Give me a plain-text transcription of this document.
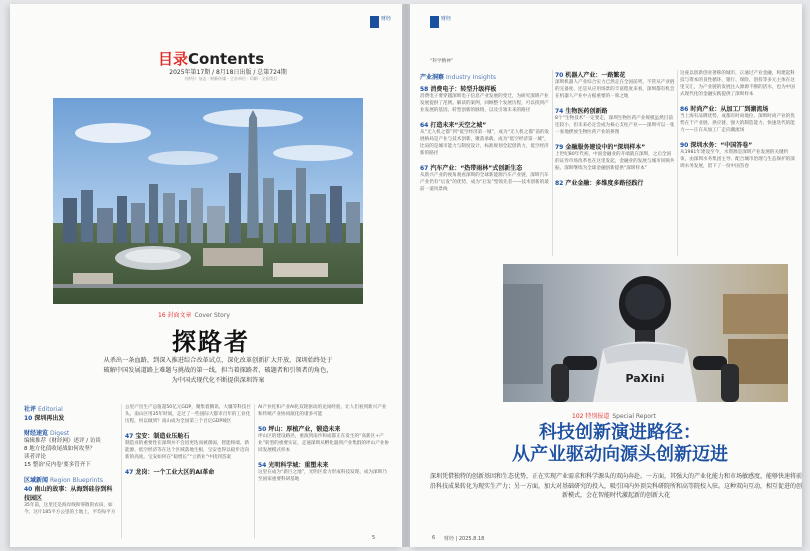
财经
目录Contents
2025年第17期 / 8月18日出版 / 总第724期
《财经》杂志 · 财新传媒 · 主办单位 · 印刷 · 全国发行
16 封面文章 Cover Story
探路者
从杀出一条血路，到深入推进综合改革试点，深化改革创新扩大开放，深圳始终处于破解中国发展道路上难题与挑战的第一线，担当着探路者、破题者和引领者的角色，为中国式现代化不断提供深圳答案
社评 Editorial
10 深圳再出发
财经速览 Digest
编辑推荐《财经网》述评 / 访谈
8 地方化债收尾战如何攻坚？
读者评论
15 整治'反内卷'要多管齐下
区域新闻 Region Blueprints
40 南山的故事：从海到硅谷到科技园区
35年前，这里还是海岸线和零散的农田，如今，这片185平方公里的土地上，平均每平方
公里产出生产总值超50亿元GDP，聚集着腾讯、大疆等科技巨头，南山区用35年时间，走过了一些国际大都市百年的工业化历程，何以做到？南山成为全国第三个百亿GDP城区
47 宝安：制造业压舱石
制造业的重要性在深圳并不会因更迭而被削弱，智能终端、新能源、低空经济等在这个区域落地生根，宝安也得以稳步迈向新的高度。宝安如何在“稳增长”“立新业”中找到答案
47 龙岗：一个工业大区的AI革命
AI产业化和产业AI化双轮驱动的龙岗经验，让人们看到新兴产业和传统产业协同演化的诸多可能
50 坪山：厚植产业，锻造未来
坪山区的建设路径，重演到南沙和成都正在发生的“高新区+产业”转型的重要实证，走通深圳从孵化器到产业集群的坪山产业协同发展模式样本
54 光明科学城：重塑未来
这里在成为“新巨之地”，光明区着力形成科技发现、成为深圳乃至国家重要科研基地
5
财经
“科学精神”
产业洞察 Industry Insights
58 消费电子：转型升级样板
消费电子要穿越深圳电子信息产业发展的变迁，为研究深圳产业发展提供了范例。解读的案例，回顾整个发展历程，可以找到产业发展的基因、转型创新的脉络，以及引领未来的路径
64 打造未来“天空之城”
从“无人机之都”到“低空经济第一城”，成为“无人机之都”前的发展格局是产业与技术创新、聚落承载，成为“低空经济第一城”，比肩的是城市能力与制度设计，标准规划全起创新力，低空经济新的路径
67 汽车产业：“热带雨林”式创新生态
从新兴产业的视角观看深圳的全球新能源汽车产业链，深圳汽车产业仍有“后发”的优势，成为“后发”型领先者——技术创新的最前一道风景线
70 机器人产业：一路繁花
深圳机器人产业综合实力已然走在全国前列，不管从产业链的完备度、还是从应用场景的丰富程度来看，深圳都有机会在机器人产业中占据重要的一席之地
74 生物医药创新路
8个“生物技术”一定要走，深圳生物医药产业规模虽然目前还较小，但未来必定会成为核心支柱产业——深圳可以一张一张地摆放生物医药产业的拼图
79 金融服务建设中的“深圳样本”
上世纪80年代初，中国金融业的开端就在深圳，之后全国的证券市场改革也在这里发起，金融业的发展与城市同频共振、深圳继续为全球金融创新提供“深圳样本”
82 产业金融：多维度多路径践行
这座以创新创业著称的城市，正通过产业金融，构建起科技与资本的良性循环，银行、保险、创投等多元主体在这里交汇，为产业链的发展注入源源不断的活水，也为中国式现代化的金融实践提供了深圳样本
86 时尚产业：从加工厂到潮流场
当上海有品牌优势、成都有时尚地位、深圳时尚产业的优势在于产业链、供应链、强大的制造能力、快速迭代的能力——正在从加工厂走向潮流场
90 深圳水务：“中国答卷”
从1981年建设至今，水资源是深圳产业发展的关键约束，由深圳水务集团主导、配合城市治理与生态保护的深圳水务发展，留下了一份中国答卷
PaXini
102 特别报道 Special Report
科技创新演进路径：
从产业驱动向源头创新迈进
深圳凭借独特的创新基因和生态优势，正在实现产业需求和科学源头的双向奔赴。一方面，其强大的产业化能力和市场敏感度，能够快速将前沿科技成果转化为现实生产力；另一方面，加大对基础研究的投入，吸引国内外顶尖科研院所和高等院校入驻。这种双向互动，相互促进的创新模式，会在智能时代激起新的创新大花
6 财经 | 2025.8.18
